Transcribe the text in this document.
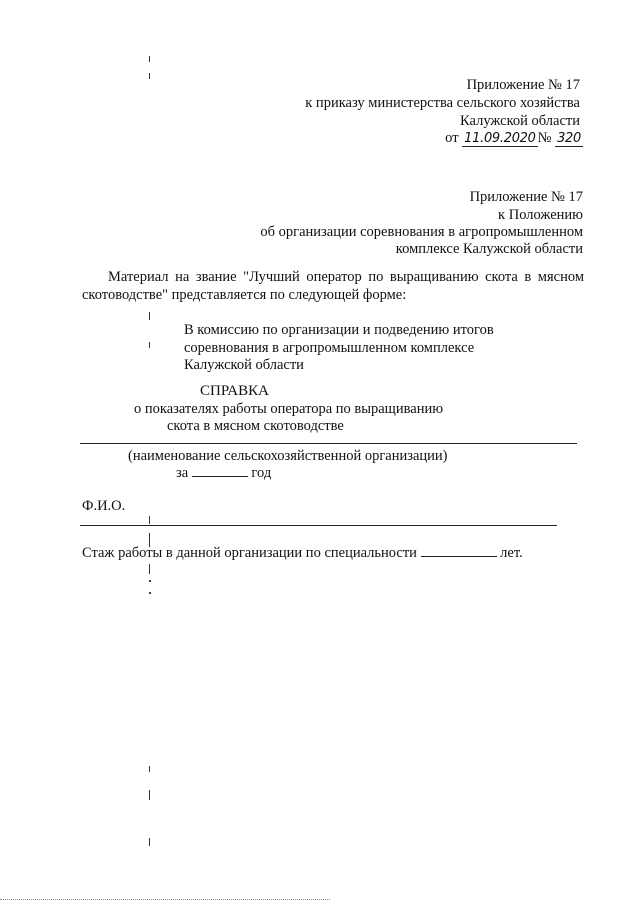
Приложение № 17
к приказу министерства сельского хозяйства
Калужской области
от 11.09.2020 № 320
Приложение № 17
к Положению
об организации соревнования в агропромышленном
комплексе Калужской области
Материал на звание "Лучший оператор по выращиванию скота в мясном скотоводстве" представляется по следующей форме:
В комиссию по организации и подведению итогов
соревнования в агропромышленном комплексе
Калужской области
СПРАВКА
о показателях работы оператора по выращиванию
скота в мясном скотоводстве
(наименование сельскохозяйственной организации)
за	год
Ф.И.О.
Стаж работы в данной организации по специальности	лет.
